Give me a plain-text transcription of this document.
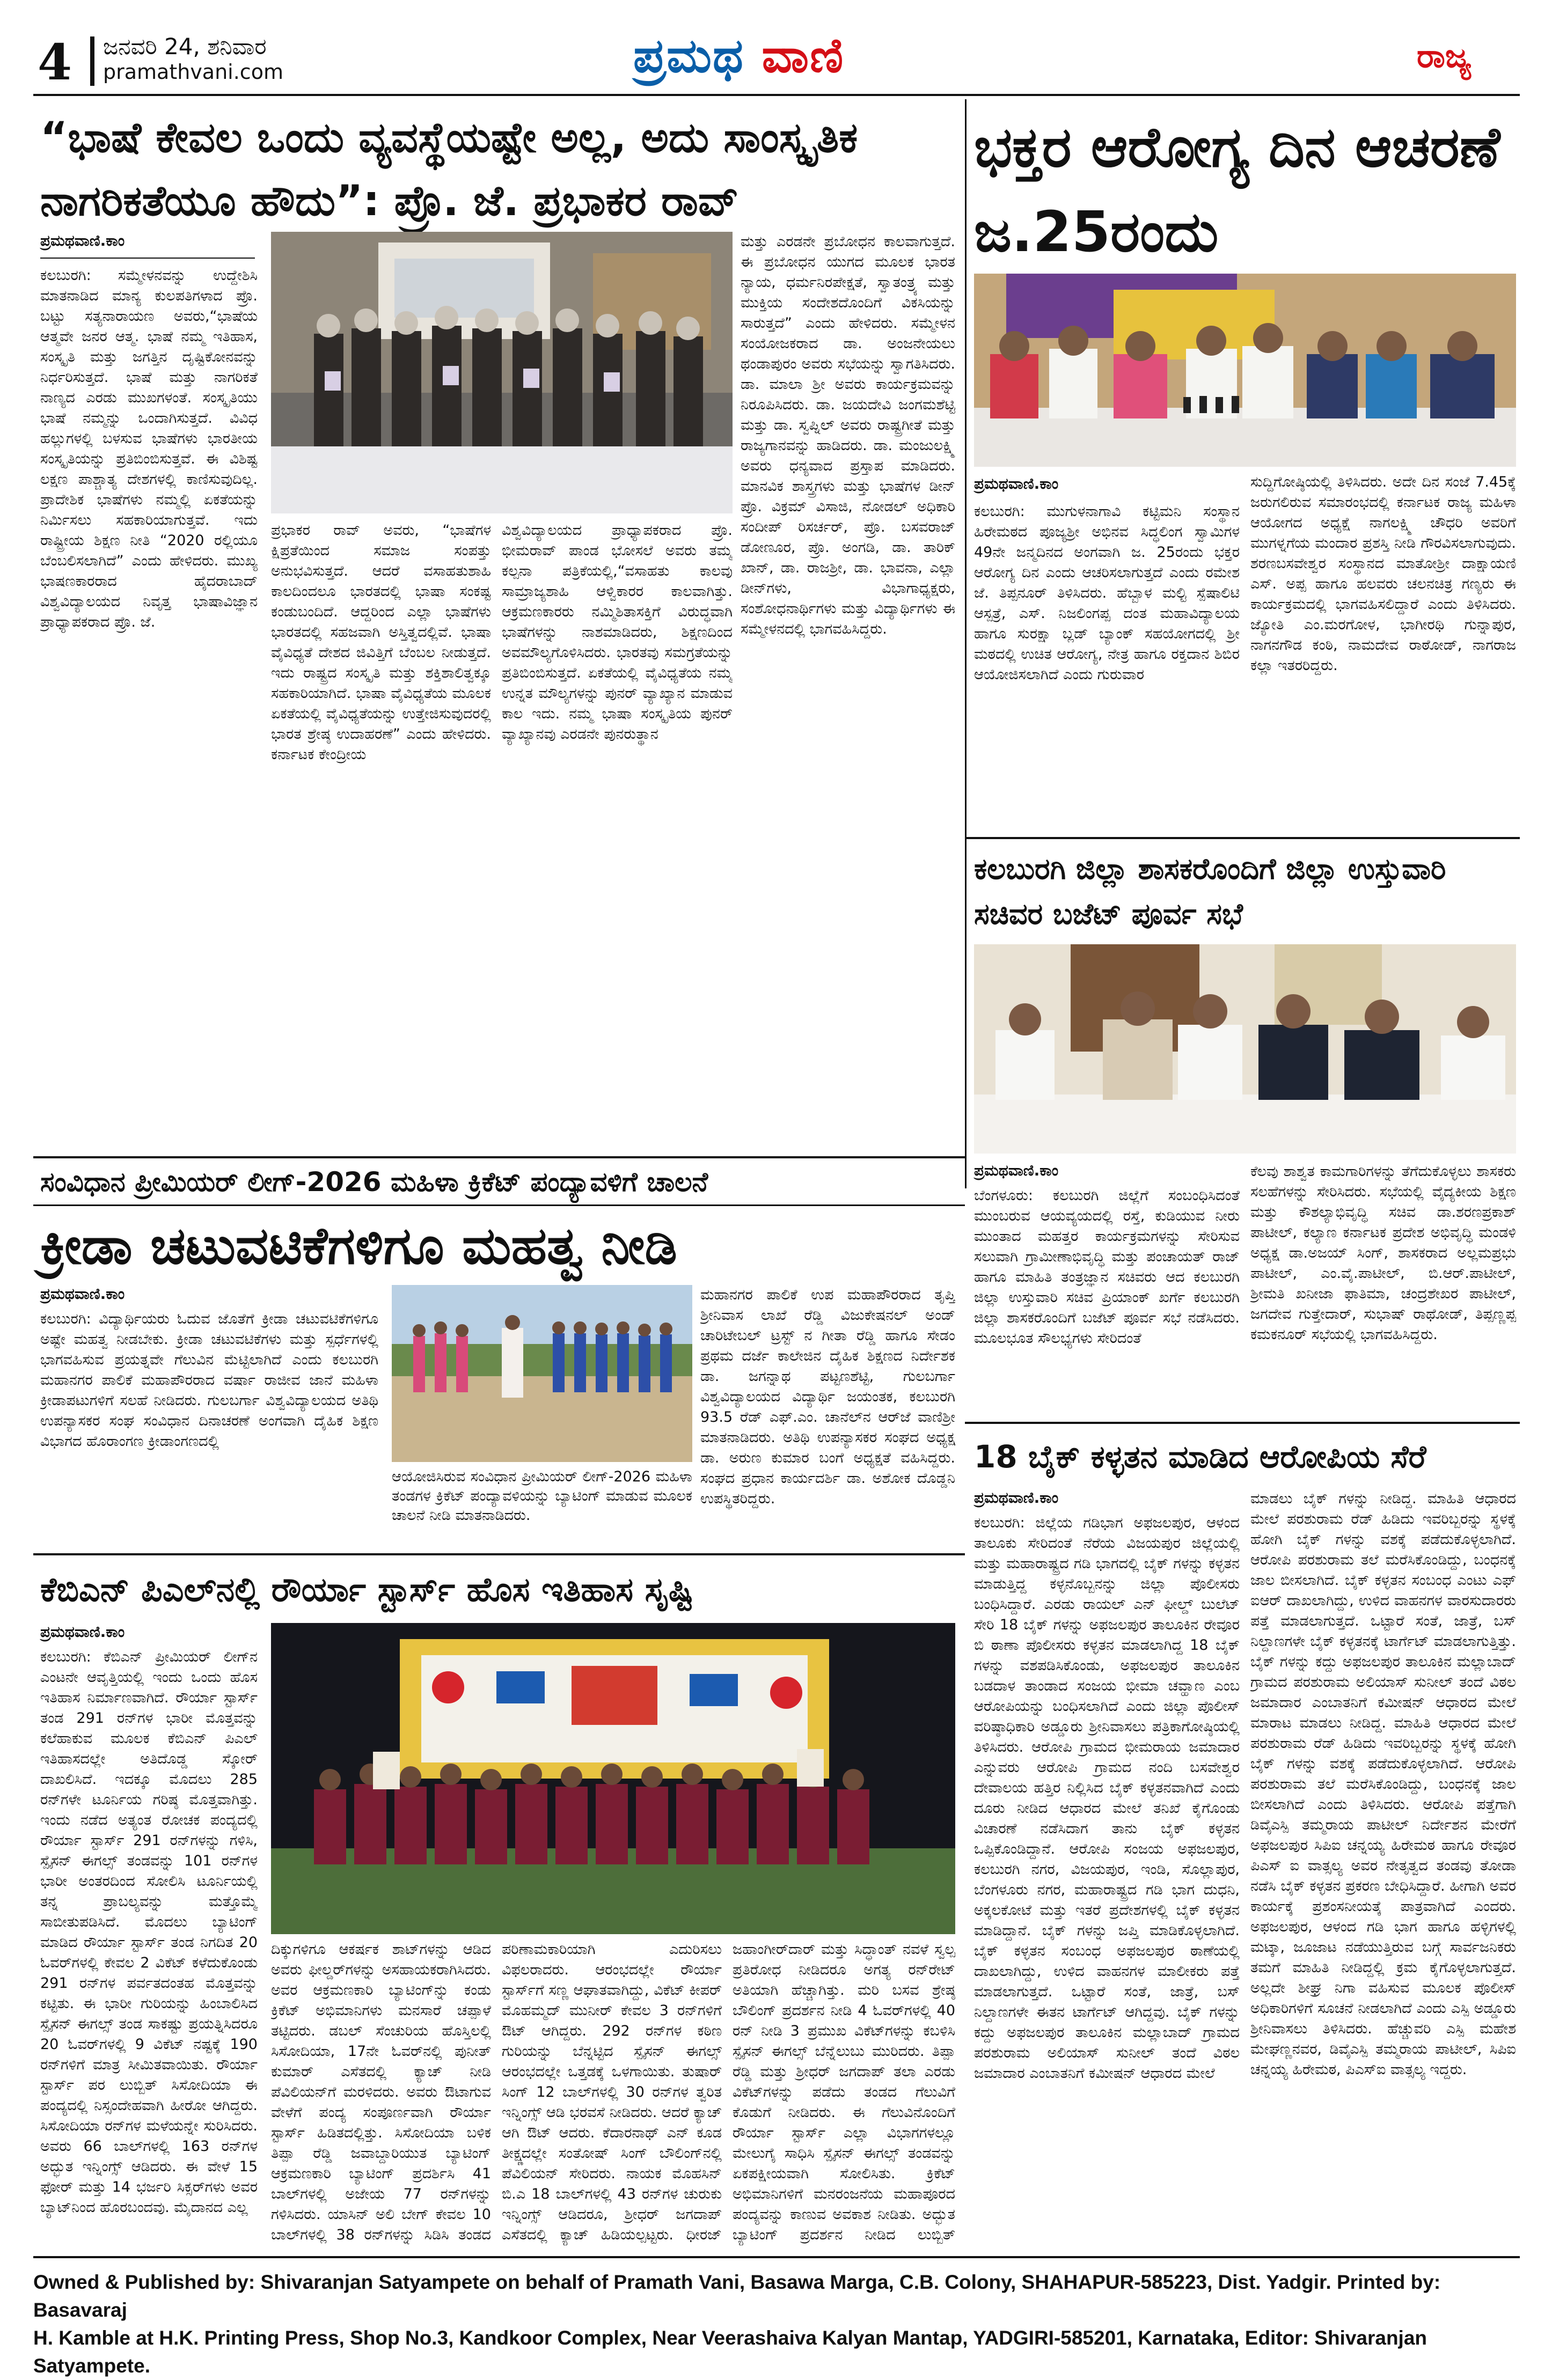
4 ಜನವರಿ 24, ಶನಿವಾರ
pramathvani.com	ಪ್ರಮಥ ವಾಣಿ	ರಾಜ್ಯ
“ಭಾಷೆ ಕೇವಲ ಒಂದು ವ್ಯವಸ್ಥೆಯಷ್ಟೇ ಅಲ್ಲ, ಅದು ಸಾಂಸ್ಕೃತಿಕ ನಾಗರಿಕತೆಯೂ ಹೌದು”: ಪ್ರೊ. ಜೆ. ಪ್ರಭಾಕರ ರಾವ್
ಪ್ರಮಥವಾಣಿ.ಕಾಂ
ಕಲಬುರಗಿ: ಸಮ್ಮೇಳನವನ್ನು ಉದ್ದೇಶಿಸಿ ಮಾತನಾಡಿದ ಮಾನ್ಯ ಕುಲಪತಿಗಳಾದ ಪ್ರೊ. ಬಟ್ಟು ಸತ್ಯನಾರಾಯಣ ಅವರು,“ಭಾಷೆಯ ಆತ್ಮವೇ ಜನರ ಆತ್ಮ. ಭಾಷೆ ನಮ್ಮ ಇತಿಹಾಸ, ಸಂಸ್ಕೃತಿ ಮತ್ತು ಜಗತ್ತಿನ ದೃಷ್ಟಿಕೋನವನ್ನು ನಿರ್ಧರಿಸುತ್ತದೆ. ಭಾಷೆ ಮತ್ತು ನಾಗರಿಕತೆ ನಾಣ್ಯದ ಎರಡು ಮುಖಗಳಂತೆ. ಸಂಸ್ಕೃತಿಯು ಭಾಷೆ ನಮ್ಮನ್ನು ಒಂದಾಗಿಸುತ್ತದೆ. ವಿವಿಧ ಹಲ್ಲುಗಳಲ್ಲಿ ಬಳಸುವ ಭಾಷೆಗಳು ಭಾರತೀಯ ಸಂಸ್ಕೃತಿಯನ್ನು ಪ್ರತಿಬಿಂಬಿಸುತ್ತವೆ. ಈ ವಿಶಿಷ್ಟ ಲಕ್ಷಣ ಪಾಶ್ಚಾತ್ಯ ದೇಶಗಳಲ್ಲಿ ಕಾಣಿಸುವುದಿಲ್ಲ. ಪ್ರಾದೇಶಿಕ ಭಾಷೆಗಳು ನಮ್ಮಲ್ಲಿ ಏಕತೆಯನ್ನು ನಿರ್ಮಿಸಲು ಸಹಕಾರಿಯಾಗುತ್ತವೆ. ಇದು ರಾಷ್ಟ್ರೀಯ ಶಿಕ್ಷಣ ನೀತಿ “2020 ರಲ್ಲಿಯೂ ಬೆಂಬಲಿಸಲಾಗಿದೆ” ಎಂದು ಹೇಳಿದರು. ಮುಖ್ಯ ಭಾಷಣಕಾರರಾದ ಹೈದರಾಬಾದ್ ವಿಶ್ವವಿದ್ಯಾಲಯದ ನಿವೃತ್ತ ಭಾಷಾವಿಜ್ಞಾನ ಪ್ರಾಧ್ಯಾಪಕರಾದ ಪ್ರೊ. ಜೆ.
ಪ್ರಭಾಕರ ರಾವ್ ಅವರು, “ಭಾಷೆಗಳ ಕ್ಷಿಪ್ರತೆಯಿಂದ ಸಮಾಜ ಸಂಪತ್ತು ಅನುಭವಿಸುತ್ತದೆ. ಆದರೆ ವಸಾಹತುಶಾಹಿ ಕಾಲದಿಂದಲೂ ಭಾರತದಲ್ಲಿ ಭಾಷಾ ಸಂಕಷ್ಟ ಕಂಡುಬಂದಿದೆ. ಆದ್ದರಿಂದ ಎಲ್ಲಾ ಭಾಷೆಗಳು ಭಾರತದಲ್ಲಿ ಸಹಜವಾಗಿ ಅಸ್ತಿತ್ವದಲ್ಲಿವೆ. ಭಾಷಾ ವೈವಿಧ್ಯತೆ ದೇಶದ ಜಿವಿತ್ತಿಗೆ ಬೆಂಬಲ ನೀಡುತ್ತದೆ. ಇದು ರಾಷ್ಟ್ರದ ಸಂಸ್ಕೃತಿ ಮತ್ತು ಶಕ್ತಿಶಾಲಿತ್ವಕ್ಕೂ ಸಹಕಾರಿಯಾಗಿದೆ. ಭಾಷಾ ವೈವಿಧ್ಯತೆಯ ಮೂಲಕ ಏಕತೆಯಲ್ಲಿ ವೈವಿಧ್ಯತೆಯನ್ನು ಉತ್ತೇಜಿಸುವುದರಲ್ಲಿ ಭಾರತ ಶ್ರೇಷ್ಠ ಉದಾಹರಣೆ” ಎಂದು ಹೇಳಿದರು. ಕರ್ನಾಟಕ ಕೇಂದ್ರೀಯ
ವಿಶ್ವವಿದ್ಯಾಲಯದ ಪ್ರಾಧ್ಯಾಪಕರಾದ ಪ್ರೊ. ಭೀಮರಾವ್ ಪಾಂಡ ಭೋಸಲೆ ಅವರು ತಮ್ಮ ಕಲ್ಪನಾ ಪತ್ರಿಕೆಯಲ್ಲಿ,“ವಸಾಹತು ಕಾಲವು ಸಾಮ್ರಾಜ್ಯಶಾಹಿ ಆಳ್ವಿಕಾರರ ಕಾಲವಾಗಿತ್ತು. ಆಕ್ರಮಣಕಾರರು ನಮ್ಮಿಶಿತಾಸಕ್ತಿಗೆ ವಿರುದ್ಧವಾಗಿ ಭಾಷೆಗಳನ್ನು ನಾಶಮಾಡಿದರು, ಶಿಕ್ಷಣದಿಂದ ಅವಮೌಲ್ಯಗೊಳಿಸಿದರು. ಭಾರತವು ಸಮಗ್ರತೆಯನ್ನು ಪ್ರತಿಬಿಂಬಿಸುತ್ತದೆ. ಏಕತೆಯಲ್ಲಿ ವೈವಿಧ್ಯತೆಯ ನಮ್ಮ ಉನ್ನತ ಮೌಲ್ಯಗಳನ್ನು ಪುನರ್ ವ್ಯಾಖ್ಯಾನ ಮಾಡುವ ಕಾಲ ಇದು. ನಮ್ಮ ಭಾಷಾ ಸಂಸ್ಕೃತಿಯ ಪುನರ್ ವ್ಯಾಖ್ಯಾನವು ಎರಡನೇ ಪುನರುತ್ಥಾನ
ಮತ್ತು ಎರಡನೇ ಪ್ರಬೋಧನ ಕಾಲವಾಗುತ್ತದೆ. ಈ ಪ್ರಬೋಧನ ಯುಗದ ಮೂಲಕ ಭಾರತ ನ್ಯಾಯ, ಧರ್ಮನಿರಪೇಕ್ಷತೆ, ಸ್ವಾತಂತ್ರ್ಯ ಮತ್ತು ಮುಕ್ತಿಯ ಸಂದೇಶದೊಂದಿಗೆ ವಿಕಸಿಯನ್ನು ಸಾರುತ್ತದೆ” ಎಂದು ಹೇಳಿದರು. ಸಮ್ಮೇಳನ ಸಂಯೋಜಕರಾದ ಡಾ. ಅಂಜನೇಯಲು ಥಂಡಾಪುರಂ ಅವರು ಸಭೆಯನ್ನು ಸ್ವಾಗತಿಸಿದರು. ಡಾ. ಮಾಲಾ ಶ್ರೀ ಅವರು ಕಾರ್ಯಕ್ರಮವನ್ನು ನಿರೂಪಿಸಿದರು. ಡಾ. ಜಯದೇವಿ ಜಂಗಮಶೆಟ್ಟಿ ಮತ್ತು ಡಾ. ಸ್ವಪ್ನಿಲ್ ಅವರು ರಾಷ್ಟ್ರಗೀತೆ ಮತ್ತು ರಾಜ್ಯಗಾನವನ್ನು ಹಾಡಿದರು. ಡಾ. ಮಂಜುಲಕ್ಷ್ಮಿ ಅವರು ಧನ್ಯವಾದ ಪ್ರಸ್ತಾಪ ಮಾಡಿದರು. ಮಾನವಿಕ ಶಾಸ್ತ್ರಗಳು ಮತ್ತು ಭಾಷೆಗಳ ಡೀನ್ ಪ್ರೊ. ವಿಕ್ರಮ್ ವಿಸಾಜಿ, ನೋಡಲ್ ಅಧಿಕಾರಿ ಸಂದೀಪ್ ರಿಸರ್ಚರ್, ಪ್ರೊ. ಬಸವರಾಜ್ ಡೋಣೂರ, ಪ್ರೊ. ಅಂಗಡಿ, ಡಾ. ತಾರಿಕ್ ಖಾನ್, ಡಾ. ರಾಜಶ್ರೀ, ಡಾ. ಭಾವನಾ, ಎಲ್ಲಾ ಡೀನ್‌ಗಳು, ವಿಭಾಗಾಧ್ಯಕ್ಷರು, ಸಂಶೋಧನಾರ್ಥಿಗಳು ಮತ್ತು ವಿದ್ಯಾರ್ಥಿಗಳು ಈ ಸಮ್ಮೇಳನದಲ್ಲಿ ಭಾಗವಹಿಸಿದ್ದರು.
ಭಕ್ತರ ಆರೋಗ್ಯ ದಿನ ಆಚರಣೆ ಜ.25ರಂದು
ಪ್ರಮಥವಾಣಿ.ಕಾಂ
ಕಲಬುರಗಿ: ಮುಗುಳನಾಗಾವಿ ಕಟ್ಟಿಮನಿ ಸಂಸ್ಥಾನ ಹಿರೇಮಠದ ಪೂಜ್ಯಶ್ರೀ ಅಭಿನವ ಸಿದ್ಧಲಿಂಗ ಸ್ವಾಮಿಗಳ 49ನೇ ಜನ್ಮದಿನದ ಅಂಗವಾಗಿ ಜ. 25ರಂದು ಭಕ್ತರ ಆರೋಗ್ಯ ದಿನ ಎಂದು ಆಚರಿಸಲಾಗುತ್ತದೆ ಎಂದು ರಮೇಶ ಜೆ. ತಿಪ್ಪನೂರ್ ತಿಳಿಸಿದರು. ಹೆಬ್ಬಾಳ ಮಲ್ಟಿ ಸ್ಪೆಷಾಲಿಟಿ ಆಸ್ಪತ್ರೆ, ಎಸ್. ನಿಜಲಿಂಗಪ್ಪ ದಂತ ಮಹಾವಿದ್ಯಾಲಯ ಹಾಗೂ ಸುರಕ್ಷಾ ಬ್ಲಡ್ ಬ್ಯಾಂಕ್ ಸಹಯೋಗದಲ್ಲಿ ಶ್ರೀ ಮಠದಲ್ಲಿ ಉಚಿತ ಆರೋಗ್ಯ, ನೇತ್ರ ಹಾಗೂ ರಕ್ತದಾನ ಶಿಬಿರ ಆಯೋಜಿಸಲಾಗಿದೆ ಎಂದು ಗುರುವಾರ
ಸುದ್ದಿಗೋಷ್ಠಿಯಲ್ಲಿ ತಿಳಿಸಿದರು. ಅದೇ ದಿನ ಸಂಜೆ 7.45ಕ್ಕೆ ಜರುಗಲಿರುವ ಸಮಾರಂಭದಲ್ಲಿ ಕರ್ನಾಟಕ ರಾಜ್ಯ ಮಹಿಳಾ ಆಯೋಗದ ಅಧ್ಯಕ್ಷೆ ನಾಗಲಕ್ಷ್ಮಿ ಚೌಧರಿ ಅವರಿಗೆ ಮುಗಳ್ನಗೆಯ ಮಂದಾರ ಪ್ರಶಸ್ತಿ ನೀಡಿ ಗೌರವಿಸಲಾಗುವುದು. ಶರಣಬಸವೇಶ್ವರ ಸಂಸ್ಥಾನದ ಮಾತೋಶ್ರೀ ದಾಕ್ಷಾಯಣಿ ಎಸ್. ಅಪ್ಪ ಹಾಗೂ ಹಲವರು ಚಲನಚಿತ್ರ ಗಣ್ಯರು ಈ ಕಾರ್ಯಕ್ರಮದಲ್ಲಿ ಭಾಗವಹಿಸಲಿದ್ದಾರೆ ಎಂದು ತಿಳಿಸಿದರು. ಜ್ಯೋತಿ ಎಂ.ಮರಗೋಳ, ಭಾಗೀರಥಿ ಗುನ್ನಾಪುರ, ನಾಗನಗೌಡ ಕಂಠಿ, ನಾಮದೇವ ರಾಠೋಡ್, ನಾಗರಾಜ ಕಲ್ಲಾ ಇತರರಿದ್ದರು.
ಕಲಬುರಗಿ ಜಿಲ್ಲಾ ಶಾಸಕರೊಂದಿಗೆ ಜಿಲ್ಲಾ ಉಸ್ತುವಾರಿ ಸಚಿವರ ಬಜೆಟ್ ಪೂರ್ವ ಸಭೆ
ಪ್ರಮಥವಾಣಿ.ಕಾಂ
ಬೆಂಗಳೂರು: ಕಲಬುರಗಿ ಜಿಲ್ಲೆಗೆ ಸಂಬಂಧಿಸಿದಂತೆ ಮುಂಬರುವ ಆಯವ್ಯಯದಲ್ಲಿ ರಸ್ತೆ, ಕುಡಿಯುವ ನೀರು ಮುಂತಾದ ಮಹತ್ತರ ಕಾರ್ಯಕ್ರಮಗಳನ್ನು ಸೇರಿಸುವ ಸಲುವಾಗಿ ಗ್ರಾಮೀಣಾಭಿವೃದ್ಧಿ ಮತ್ತು ಪಂಚಾಯತ್ ರಾಜ್ ಹಾಗೂ ಮಾಹಿತಿ ತಂತ್ರಜ್ಞಾನ ಸಚಿವರು ಆದ ಕಲಬುರಗಿ ಜಿಲ್ಲಾ ಉಸ್ತುವಾರಿ ಸಚಿವ ಪ್ರಿಯಾಂಕ್ ಖರ್ಗೆ ಕಲಬುರಗಿ ಜಿಲ್ಲಾ ಶಾಸಕರೊಂದಿಗೆ ಬಜೆಟ್ ಪೂರ್ವ ಸಭೆ ನಡೆಸಿದರು. ಮೂಲಭೂತ ಸೌಲಭ್ಯಗಳು ಸೇರಿದಂತೆ
ಕೆಲವು ಶಾಶ್ವತ ಕಾಮಗಾರಿಗಳನ್ನು ತೆಗೆದುಕೊಳ್ಳಲು ಶಾಸಕರು ಸಲಹೆಗಳನ್ನು ಸೇರಿಸಿದರು. ಸಭೆಯಲ್ಲಿ ವೈದ್ಯಕೀಯ ಶಿಕ್ಷಣ ಮತ್ತು ಕೌಶಲ್ಯಾಭಿವೃದ್ಧಿ ಸಚಿವ ಡಾ.ಶರಣಪ್ರಕಾಶ್ ಪಾಟೀಲ್, ಕಲ್ಯಾಣ ಕರ್ನಾಟಕ ಪ್ರದೇಶ ಅಭಿವೃದ್ಧಿ ಮಂಡಳಿ ಅಧ್ಯಕ್ಷ ಡಾ.ಅಜಯ್ ಸಿಂಗ್, ಶಾಸಕರಾದ ಅಲ್ಲಮಪ್ರಭು ಪಾಟೀಲ್, ಎಂ.ವೈ.ಪಾಟೀಲ್, ಬಿ.ಆರ್.ಪಾಟೀಲ್, ಶ್ರೀಮತಿ ಖನೀಜಾ ಫಾತಿಮಾ, ಚಂದ್ರಶೇಖರ ಪಾಟೀಲ್, ಜಗದೇವ ಗುತ್ತೇದಾರ್, ಸುಭಾಷ್ ರಾಥೋಡ್, ತಿಪ್ಪಣ್ಣಪ್ಪ ಕಮಕನೂರ್ ಸಭೆಯಲ್ಲಿ ಭಾಗವಹಿಸಿದ್ದರು.
ಸಂವಿಧಾನ ಪ್ರೀಮಿಯರ್ ಲೀಗ್-2026 ಮಹಿಳಾ ಕ್ರಿಕೆಟ್ ಪಂದ್ಯಾವಳಿಗೆ ಚಾಲನೆ
ಕ್ರೀಡಾ ಚಟುವಟಿಕೆಗಳಿಗೂ ಮಹತ್ವ ನೀಡಿ
ಪ್ರಮಥವಾಣಿ.ಕಾಂ
ಕಲಬುರಗಿ: ವಿದ್ಯಾರ್ಥಿಯರು ಓದುವ ಜೊತೆಗೆ ಕ್ರೀಡಾ ಚಟುವಟಿಕೆಗಳಿಗೂ ಅಷ್ಟೇ ಮಹತ್ವ ನೀಡಬೇಕು. ಕ್ರೀಡಾ ಚಟುವಟಿಕೆಗಳು ಮತ್ತು ಸ್ಪರ್ಧೆಗಳಲ್ಲಿ ಭಾಗವಹಿಸುವ ಪ್ರಯತ್ನವೇ ಗೆಲುವಿನ ಮೆಟ್ಟಿಲಾಗಿದೆ ಎಂದು ಕಲಬುರಗಿ ಮಹಾನಗರ ಪಾಲಿಕೆ ಮಹಾಪೌರರಾದ ವರ್ಷಾ ರಾಜೀವ ಜಾನೆ ಮಹಿಳಾ ಕ್ರೀಡಾಪಟುಗಳಿಗೆ ಸಲಹೆ ನೀಡಿದರು. ಗುಲಬರ್ಗಾ ವಿಶ್ವವಿದ್ಯಾಲಯದ ಅತಿಥಿ ಉಪನ್ಯಾಸಕರ ಸಂಘ ಸಂವಿಧಾನ ದಿನಾಚರಣೆ ಅಂಗವಾಗಿ ದೈಹಿಕ ಶಿಕ್ಷಣ ವಿಭಾಗದ ಹೊರಾಂಗಣ ಕ್ರೀಡಾಂಗಣದಲ್ಲಿ
ಆಯೋಜಿಸಿರುವ ಸಂವಿಧಾನ ಪ್ರೀಮಿಯರ್ ಲೀಗ್-2026 ಮಹಿಳಾ ತಂಡಗಳ ಕ್ರಿಕೆಟ್ ಪಂದ್ಯಾವಳಿಯನ್ನು ಬ್ಯಾಟಿಂಗ್ ಮಾಡುವ ಮೂಲಕ ಚಾಲನೆ ನೀಡಿ ಮಾತನಾಡಿದರು.
ಮಹಾನಗರ ಪಾಲಿಕೆ ಉಪ ಮಹಾಪೌರರಾದ ತೃಪ್ತಿ ಶ್ರೀನಿವಾಸ ಲಾಖೆ ರೆಡ್ಡಿ ವಿಜುಕೇಷನಲ್ ಅಂಡ್ ಚಾರಿಟೇಬಲ್ ಟ್ರಸ್ಟ್ ನ ಗೀತಾ ರೆಡ್ಡಿ ಹಾಗೂ ಸೇಡಂ ಪ್ರಥಮ ದರ್ಜೆ ಕಾಲೇಜಿನ ದೈಹಿಕ ಶಿಕ್ಷಣದ ನಿರ್ದೇಶಕ ಡಾ. ಜಗನ್ನಾಥ ಪಟ್ಟಣಶೆಟ್ಟಿ, ಗುಲಬರ್ಗಾ ವಿಶ್ವವಿದ್ಯಾಲಯದ ವಿದ್ಯಾರ್ಥಿ ಜಯಂತಕ, ಕಲಬುರಗಿ 93.5 ರೆಡ್ ಎಫ್.ಎಂ. ಚಾನೆಲ್‌ನ ಆರ್‌ಜೆ ವಾಣಿಶ್ರೀ ಮಾತನಾಡಿದರು. ಅತಿಥಿ ಉಪನ್ಯಾಸಕರ ಸಂಘದ ಅಧ್ಯಕ್ಷ ಡಾ. ಅರುಣ ಕುಮಾರ ಬಂಗೆ ಅಧ್ಯಕ್ಷತೆ ವಹಿಸಿದ್ದರು. ಸಂಘದ ಪ್ರಧಾನ ಕಾರ್ಯದರ್ಶಿ ಡಾ. ಅಶೋಕ ದೊಡ್ಡನಿ ಉಪಸ್ಥಿತರಿದ್ದರು.
ಕೆಬಿಎನ್ ಪಿಎಲ್‌ನಲ್ಲಿ ರೌರ್ಯಾ ಸ್ಟಾರ್ಸ್ ಹೊಸ ಇತಿಹಾಸ ಸೃಷ್ಟಿ
ಪ್ರಮಥವಾಣಿ.ಕಾಂ
ಕಲಬುರಗಿ: ಕೆಬಿಎನ್ ಪ್ರೀಮಿಯರ್ ಲೀಗ್‌ನ ಎಂಟನೇ ಆವೃತ್ತಿಯಲ್ಲಿ ಇಂದು ಒಂದು ಹೊಸ ಇತಿಹಾಸ ನಿರ್ಮಾಣವಾಗಿದೆ. ರೌರ್ಯಾ ಸ್ಟಾರ್ಸ್ ತಂಡ 291 ರನ್‌ಗಳ ಭಾರೀ ಮೊತ್ತವನ್ನು ಕಲೆಹಾಕುವ ಮೂಲಕ ಕೆಬಿಎನ್ ಪಿಎಲ್ ಇತಿಹಾಸದಲ್ಲೇ ಅತಿದೊಡ್ಡ ಸ್ಕೋರ್ ದಾಖಲಿಸಿದೆ. ಇದಕ್ಕೂ ಮೊದಲು 285 ರನ್‌ಗಳೇ ಟೂರ್ನಿಯ ಗರಿಷ್ಠ ಮೊತ್ತವಾಗಿತ್ತು. ಇಂದು ನಡೆದ ಅತ್ಯಂತ ರೋಚಕ ಪಂದ್ಯದಲ್ಲಿ ರೌರ್ಯಾ ಸ್ಟಾರ್ಸ್ 291 ರನ್‌ಗಳನ್ನು ಗಳಿಸಿ, ಸ್ಪೈಸನ್ ಈಗಲ್ಸ್ ತಂಡವನ್ನು 101 ರನ್‌ಗಳ ಭಾರೀ ಅಂತರದಿಂದ ಸೋಲಿಸಿ ಟೂರ್ನಿಯಲ್ಲಿ ತನ್ನ ಪ್ರಾಬಲ್ಯವನ್ನು ಮತ್ತೊಮ್ಮೆ ಸಾಬೀತುಪಡಿಸಿದೆ. ಮೊದಲು ಬ್ಯಾಟಿಂಗ್ ಮಾಡಿದ ರೌರ್ಯಾ ಸ್ಟಾರ್ಸ್ ತಂಡ ನಿಗದಿತ 20 ಓವರ್‌ಗಳಲ್ಲಿ ಕೇವಲ 2 ವಿಕೆಟ್ ಕಳೆದುಕೊಂಡು 291 ರನ್‌ಗಳ ಪರ್ವತದಂತಹ ಮೊತ್ತವನ್ನು ಕಟ್ಟಿತು. ಈ ಭಾರೀ ಗುರಿಯನ್ನು ಹಿಂಬಾಲಿಸಿದ ಸ್ಪೈಸನ್ ಈಗಲ್ಸ್ ತಂಡ ಸಾಕಷ್ಟು ಪ್ರಯತ್ನಿಸಿದರೂ 20 ಓವರ್‌ಗಳಲ್ಲಿ 9 ವಿಕೆಟ್ ನಷ್ಟಕ್ಕೆ 190 ರನ್‌ಗಳಿಗೆ ಮಾತ್ರ ಸೀಮಿತವಾಯಿತು. ರೌರ್ಯಾ ಸ್ಟಾರ್ಸ್ ಪರ ಲುಬ್ಬಿತ್ ಸಿಸೋದಿಯಾ ಈ ಪಂದ್ಯದಲ್ಲಿ ನಿಸ್ಸಂದೇಹವಾಗಿ ಹೀರೋ ಆಗಿದ್ದರು. ಸಿಸೋದಿಯಾ ರನ್‌ಗಳ ಮಳೆಯನ್ನೇ ಸುರಿಸಿದರು. ಅವರು 66 ಬಾಲ್‌ಗಳಲ್ಲಿ 163 ರನ್‌ಗಳ ಅದ್ಭುತ ಇನ್ನಿಂಗ್ಸ್ ಆಡಿದರು. ಈ ವೇಳೆ 15 ಫೋರ್ ಮತ್ತು 14 ಭರ್ಜರಿ ಸಿಕ್ಸರ್‌ಗಳು ಅವರ ಬ್ಯಾಟ್‌ನಿಂದ ಹೊರಬಂದವು. ಮೈದಾನದ ಎಲ್ಲ
ದಿಕ್ಕುಗಳಿಗೂ ಆಕರ್ಷಕ ಶಾಟ್‌ಗಳನ್ನು ಆಡಿದ ಅವರು ಫೀಲ್ಡರ್‌ಗಳನ್ನು ಅಸಹಾಯಕರಾಗಿಸಿದರು. ಅವರ ಆಕ್ರಮಣಕಾರಿ ಬ್ಯಾಟಿಂಗ್‌ನ್ನು ಕಂಡು ಕ್ರಿಕೆಟ್ ಅಭಿಮಾನಿಗಳು ಮನಸಾರೆ ಚಪ್ಪಾಳೆ ತಟ್ಟಿದರು. ಡಬಲ್ ಸೆಂಚುರಿಯ ಹೊಸ್ತಿಲಲ್ಲಿ ಸಿಸೋದಿಯಾ, 17ನೇ ಓವರ್‌ನಲ್ಲಿ ಪುನೀತ್ ಕುಮಾರ್ ಎಸೆತದಲ್ಲಿ ಕ್ಯಾಚ್ ನೀಡಿ ಪೆವಿಲಿಯನ್‌ಗೆ ಮರಳಿದರು. ಅವರು ಔಟಾಗುವ ವೇಳೆಗೆ ಪಂದ್ಯ ಸಂಪೂರ್ಣವಾಗಿ ರೌರ್ಯಾ ಸ್ಟಾರ್ಸ್ ಹಿಡಿತದಲ್ಲಿತ್ತು. ಸಿಸೋದಿಯಾ ಬಳಿಕ ತಿಪ್ಪಾ ರೆಡ್ಡಿ ಜವಾಬ್ದಾರಿಯುತ ಬ್ಯಾಟಿಂಗ್ ಆಕ್ರಮಣಕಾರಿ ಬ್ಯಾಟಿಂಗ್ ಪ್ರದರ್ಶಿಸಿ 41 ಬಾಲ್‌ಗಳಲ್ಲಿ ಅಜೇಯ 77 ರನ್‌ಗಳನ್ನು ಗಳಿಸಿದರು. ಯಾಸಿನ್ ಅಲಿ ಬೇಗ್ ಕೇವಲ 10 ಬಾಲ್‌ಗಳಲ್ಲಿ 38 ರನ್‌ಗಳನ್ನು ಸಿಡಿಸಿ ತಂಡದ
ಪರಿಣಾಮಕಾರಿಯಾಗಿ ಎದುರಿಸಲು ವಿಫಲರಾದರು. ಆರಂಭದಲ್ಲೇ ರೌರ್ಯಾ ಸ್ಟಾರ್ಸ್‌ಗೆ ಸಣ್ಣ ಆಘಾತವಾಗಿದ್ದು, ವಿಕೆಟ್ ಕೀಪರ್ ಮೊಹಮ್ಮದ್ ಮುನೀರ್ ಕೇವಲ 3 ರನ್‌ಗಳಿಗೆ ಔಟ್ ಆಗಿದ್ದರು. 292 ರನ್‌ಗಳ ಕಠಿಣ ಗುರಿಯನ್ನು ಬೆನ್ನಟ್ಟಿದ ಸ್ಪೈಸನ್ ಈಗಲ್ಸ್ ಆರಂಭದಲ್ಲೇ ಒತ್ತಡಕ್ಕೆ ಒಳಗಾಯಿತು. ತುಷಾರ್ ಸಿಂಗ್ 12 ಬಾಲ್‌ಗಳಲ್ಲಿ 30 ರನ್‌ಗಳ ತ್ವರಿತ ಇನ್ನಿಂಗ್ಸ್ ಆಡಿ ಭರವಸೆ ನೀಡಿದರು. ಆದರೆ ಕ್ಯಾಚ್ ಆಗಿ ಔಟ್ ಆದರು. ಕೆದಾರನಾಥ್ ಎನ್ ಕೂಡ ತೀಕ್ಷ್ಣದಲ್ಲೇ ಸಂತೋಷ್ ಸಿಂಗ್ ಬೌಲಿಂಗ್‌ನಲ್ಲಿ ಪೆವಿಲಿಯನ್ ಸೇರಿದರು. ನಾಯಕ ಮೊಹಸಿನ್ ಬಿ.ಎ 18 ಬಾಲ್‌ಗಳಲ್ಲಿ 43 ರನ್‌ಗಳ ಚುರುಕು ಇನ್ನಿಂಗ್ಸ್ ಆಡಿದರೂ, ಶ್ರೀಧರ್ ಜಗದಾಪ್ ಎಸೆತದಲ್ಲಿ ಕ್ಯಾಚ್ ಹಿಡಿಯಲ್ಪಟ್ಟರು. ಧೀರಜ್
ಜಹಾಂಗೀರ್‌ದಾರ್ ಮತ್ತು ಸಿದ್ಧಾಂತ್ ನವಳೆ ಸ್ವಲ್ಪ ಪ್ರತಿರೋಧ ನೀಡಿದರೂ ಅಗತ್ಯ ರನ್‌ರೇಟ್ ಅತಿಯಾಗಿ ಹೆಚ್ಚಾಗಿತ್ತು. ಮರಿ ಬಸವ ಶ್ರೇಷ್ಠ ಬೌಲಿಂಗ್ ಪ್ರದರ್ಶನ ನೀಡಿ 4 ಓವರ್‌ಗಳಲ್ಲಿ 40 ರನ್ ನೀಡಿ 3 ಪ್ರಮುಖ ವಿಕೆಟ್‌ಗಳನ್ನು ಕಬಳಿಸಿ ಸ್ಪೈಸನ್ ಈಗಲ್ಸ್ ಬೆನ್ನೆಲುಬು ಮುರಿದರು. ತಿಪ್ಪಾ ರೆಡ್ಡಿ ಮತ್ತು ಶ್ರೀಧರ್ ಜಗದಾಪ್ ತಲಾ ಎರಡು ವಿಕೆಟ್‌ಗಳನ್ನು ಪಡೆದು ತಂಡದ ಗೆಲುವಿಗೆ ಕೊಡುಗೆ ನೀಡಿದರು. ಈ ಗೆಲುವಿನೊಂದಿಗೆ ರೌರ್ಯಾ ಸ್ಟಾರ್ಸ್ ಎಲ್ಲಾ ವಿಭಾಗಗಳಲ್ಲೂ ಮೇಲುಗೈ ಸಾಧಿಸಿ ಸ್ಪೈಸನ್ ಈಗಲ್ಸ್ ತಂಡವನ್ನು ಏಕಪಕ್ಷೀಯವಾಗಿ ಸೋಲಿಸಿತು. ಕ್ರಿಕೆಟ್ ಅಭಿಮಾನಿಗಳಿಗೆ ಮನರಂಜನೆಯ ಮಹಾಪೂರದ ಪಂದ್ಯವನ್ನು ಕಾಣುವ ಅವಕಾಶ ನೀಡಿತು. ಅದ್ಭುತ ಬ್ಯಾಟಿಂಗ್ ಪ್ರದರ್ಶನ ನೀಡಿದ ಲುಬ್ಬಿತ್
18 ಬೈಕ್ ಕಳ್ಳತನ ಮಾಡಿದ ಆರೋಪಿಯ ಸೆರೆ
ಪ್ರಮಥವಾಣಿ.ಕಾಂ
ಕಲಬುರಗಿ: ಜಿಲ್ಲೆಯ ಗಡಿಭಾಗ ಅಫಜಲಪುರ, ಆಳಂದ ತಾಲೂಕು ಸೇರಿದಂತೆ ನೆರೆಯ ವಿಜಯಪುರ ಜಿಲ್ಲೆಯಲ್ಲಿ ಮತ್ತು ಮಹಾರಾಷ್ಟ್ರದ ಗಡಿ ಭಾಗದಲ್ಲಿ ಬೈಕ್ ಗಳನ್ನು ಕಳ್ಳತನ ಮಾಡುತ್ತಿದ್ದ ಕಳ್ಳನೊಬ್ಬನನ್ನು ಜಿಲ್ಲಾ ಪೊಲೀಸರು ಬಂಧಿಸಿದ್ದಾರೆ. ಎರಡು ರಾಯಲ್ ಎನ್ ಫೀಲ್ಡ್ ಬುಲೆಟ್ ಸೇರಿ 18 ಬೈಕ್ ಗಳನ್ನು ಅಫಜಲಪುರ ತಾಲೂಕಿನ ರೇವೂರ ಬಿ ಠಾಣಾ ಪೊಲೀಸರು ಕಳ್ಳತನ ಮಾಡಲಾಗಿದ್ದ 18 ಬೈಕ್ ಗಳನ್ನು ವಶಪಡಿಸಿಕೊಂಡು, ಅಫಜಲಪುರ ತಾಲೂಕಿನ ಬಡದಾಳ ತಾಂಡಾದ ಸಂಜಯ ಭೀಮಾ ಚವ್ಹಾಣ ಎಂಬ ಆರೋಪಿಯನ್ನು ಬಂಧಿಸಲಾಗಿದೆ ಎಂದು ಜಿಲ್ಲಾ ಪೊಲೀಸ್ ವರಿಷ್ಠಾಧಿಕಾರಿ ಅಡ್ಡೂರು ಶ್ರೀನಿವಾಸಲು ಪತ್ರಿಕಾಗೋಷ್ಠಿಯಲ್ಲಿ ತಿಳಿಸಿದರು. ಆರೋಪಿ ಗ್ರಾಮದ ಭೀಮರಾಯ ಜಮಾದಾರ ಎನ್ನುವರು ಆರೋಪಿ ಗ್ರಾಮದ ನಂದಿ ಬಸವೇಶ್ವರ ದೇವಾಲಯ ಹತ್ತಿರ ನಿಲ್ಲಿಸಿದ ಬೈಕ್ ಕಳ್ಳತನವಾಗಿದೆ ಎಂದು ದೂರು ನೀಡಿದ ಆಧಾರದ ಮೇಲೆ ತನಿಖೆ ಕೈಗೊಂಡು ವಿಚಾರಣೆ ನಡೆಸಿದಾಗ ತಾನು ಬೈಕ್ ಕಳ್ಳತನ ಒಪ್ಪಿಕೊಂಡಿದ್ದಾನೆ. ಆರೋಪಿ ಸಂಜಯ ಅಫಜಲಪುರ, ಕಲಬುರಗಿ ನಗರ, ವಿಜಯಪುರ, ಇಂಡಿ, ಸೊಲ್ಲಾಪುರ, ಬೆಂಗಳೂರು ನಗರ, ಮಹಾರಾಷ್ಟ್ರದ ಗಡಿ ಭಾಗ ದುಧನಿ, ಅಕ್ಕಲಕೋಟೆ ಮತ್ತು ಇತರೆ ಪ್ರದೇಶಗಳಲ್ಲಿ ಬೈಕ್ ಕಳ್ಳತನ ಮಾಡಿದ್ದಾನೆ. ಬೈಕ್ ಗಳನ್ನು ಜಪ್ತಿ ಮಾಡಿಕೊಳ್ಳಲಾಗಿದೆ. ಬೈಕ್ ಕಳ್ಳತನ ಸಂಬಂಧ ಅಫಜಲಪುರ ಠಾಣೆಯಲ್ಲಿ ದಾಖಲಾಗಿದ್ದು, ಉಳಿದ ವಾಹನಗಳ ಮಾಲೀಕರು ಪತ್ತೆ ಮಾಡಲಾಗುತ್ತದೆ. ಒಟ್ಟಾರೆ ಸಂತೆ, ಜಾತ್ರೆ, ಬಸ್ ನಿಲ್ದಾಣಗಳೇ ಈತನ ಟಾರ್ಗೆಟ್ ಆಗಿದ್ದವು. ಬೈಕ್ ಗಳನ್ನು ಕದ್ದು ಅಫಜಲಪುರ ತಾಲೂಕಿನ ಮಲ್ಲಾಬಾದ್ ಗ್ರಾಮದ ಪರಶುರಾಮ ಅಲಿಯಾಸ್ ಸುನೀಲ್ ತಂದೆ ವಿಠಲ ಜಮಾದಾರ ಎಂಬಾತನಿಗೆ ಕಮೀಷನ್ ಆಧಾರದ ಮೇಲೆ
ಮಾಡಲು ಬೈಕ್ ಗಳನ್ನು ನೀಡಿದ್ದ. ಮಾಹಿತಿ ಆಧಾರದ ಮೇಲೆ ಪರಶುರಾಮ ರೆಡ್ ಹಿಡಿದು ಇವರಿಬ್ಬರನ್ನು ಸ್ಥಳಕ್ಕೆ ಹೋಗಿ ಬೈಕ್ ಗಳನ್ನು ವಶಕ್ಕೆ ಪಡೆದುಕೊಳ್ಳಲಾಗಿದೆ. ಆರೋಪಿ ಪರಶುರಾಮ ತಲೆ ಮರೆಸಿಕೊಂಡಿದ್ದು, ಬಂಧನಕ್ಕೆ ಜಾಲ ಬೀಸಲಾಗಿದೆ. ಬೈಕ್ ಕಳ್ಳತನ ಸಂಬಂಧ ಎಂಟು ಎಫ್ ಐಆರ್ ದಾಖಲಾಗಿದ್ದು, ಉಳಿದ ವಾಹನಗಳ ವಾರಸುದಾರರು ಪತ್ತೆ ಮಾಡಲಾಗುತ್ತದೆ. ಒಟ್ಟಾರೆ ಸಂತೆ, ಜಾತ್ರೆ, ಬಸ್ ನಿಲ್ದಾಣಗಳೇ ಬೈಕ್ ಕಳ್ಳತನಕ್ಕೆ ಟಾರ್ಗೆಟ್ ಮಾಡಲಾಗುತ್ತಿತ್ತು. ಬೈಕ್ ಗಳನ್ನು ಕದ್ದು ಅಫಜಲಪುರ ತಾಲೂಕಿನ ಮಲ್ಲಾಬಾದ್ ಗ್ರಾಮದ ಪರಶುರಾಮ ಅಲಿಯಾಸ್ ಸುನೀಲ್ ತಂದೆ ವಿಠಲ ಜಮಾದಾರ ಎಂಬಾತನಿಗೆ ಕಮೀಷನ್ ಆಧಾರದ ಮೇಲೆ ಮಾರಾಟ ಮಾಡಲು ನೀಡಿದ್ದ. ಮಾಹಿತಿ ಆಧಾರದ ಮೇಲೆ ಪರಶುರಾಮ ರೆಡ್ ಹಿಡಿದು ಇವರಿಬ್ಬರನ್ನು ಸ್ಥಳಕ್ಕೆ ಹೋಗಿ ಬೈಕ್ ಗಳನ್ನು ವಶಕ್ಕೆ ಪಡೆದುಕೊಳ್ಳಲಾಗಿದೆ. ಆರೋಪಿ ಪರಶುರಾಮ ತಲೆ ಮರೆಸಿಕೊಂಡಿದ್ದು, ಬಂಧನಕ್ಕೆ ಜಾಲ ಬೀಸಲಾಗಿದೆ ಎಂದು ತಿಳಿಸಿದರು. ಆರೋಪಿ ಪತ್ತೆಗಾಗಿ ಡಿವೈಎಸ್ಪಿ ತಮ್ಮರಾಯ ಪಾಟೀಲ್ ನಿರ್ದೇಶನ ಮೇರೆಗೆ ಅಫಜಲಪುರ ಸಿಪಿಐ ಚನ್ನಯ್ಯ ಹಿರೇಮಠ ಹಾಗೂ ರೇವೂರ ಪಿಎಸ್ ಐ ವಾತ್ಸಲ್ಯ ಅವರ ನೇತೃತ್ವದ ತಂಡವು ತೋಡಾ ನಡೆಸಿ ಬೈಕ್ ಕಳ್ಳತನ ಪ್ರಕರಣ ಬೇಧಿಸಿದ್ದಾರೆ. ಹೀಗಾಗಿ ಅವರ ಕಾರ್ಯಕ್ಕೆ ಪ್ರಶಂಸನೀಯತ್ಕೆ ಪಾತ್ರವಾಗಿದೆ ಎಂದರು. ಅಫಜಲಪುರ, ಆಳಂದ ಗಡಿ ಭಾಗ ಹಾಗೂ ಹಳ್ಳಿಗಳಲ್ಲಿ ಮಟ್ಕಾ, ಜೂಜಾಟ ನಡೆಯುತ್ತಿರುವ ಬಗ್ಗೆ ಸಾರ್ವಜನಿಕರು ತಮಗೆ ಮಾಹಿತಿ ನೀಡಿದ್ದಲ್ಲಿ ಕ್ರಮ ಕೈಗೊಳ್ಳಲಾಗುತ್ತದೆ. ಅಲ್ಲದೇ ಶೀಘ್ರ ನಿಗಾ ವಹಿಸುವ ಮೂಲಕ ಪೊಲೀಸ್ ಅಧಿಕಾರಿಗಳಿಗೆ ಸೂಚನೆ ನೀಡಲಾಗಿದೆ ಎಂದು ಎಸ್ಪಿ ಅಡ್ಡೂರು ಶ್ರೀನಿವಾಸಲು ತಿಳಿಸಿದರು. ಹೆಚ್ಚುವರಿ ಎಸ್ಪಿ ಮಹೇಶ ಮೇಘಣ್ಣನವರ, ಡಿವೈಎಸ್ಪಿ ತಮ್ಮರಾಯ ಪಾಟೀಲ್, ಸಿಪಿಐ ಚನ್ನಯ್ಯ ಹಿರೇಮಠ, ಪಿಎಸ್ಐ ವಾತ್ಸಲ್ಯ ಇದ್ದರು.
Owned & Published by: Shivaranjan Satyampete on behalf of Pramath Vani, Basawa Marga, C.B. Colony, SHAHAPUR-585223, Dist. Yadgir. Printed by: Basavaraj
H. Kamble at H.K. Printing Press, Shop No.3, Kandkoor Complex, Near Veerashaiva Kalyan Mantap, YADGIRI-585201, Karnataka, Editor: Shivaranjan Satyampete.
